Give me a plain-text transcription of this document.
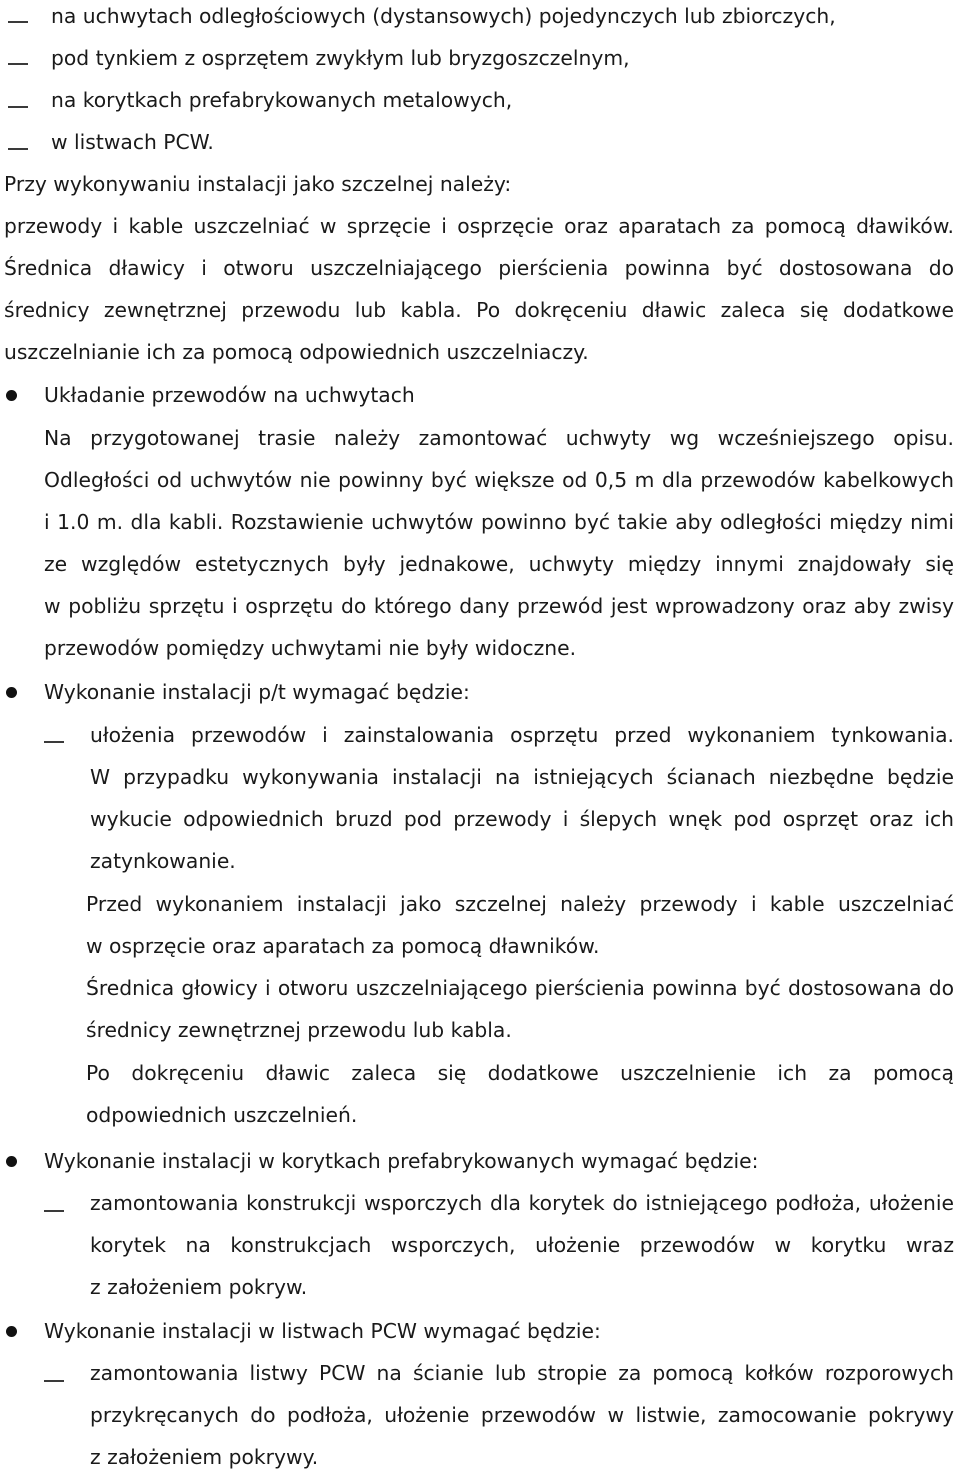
na uchwytach odległościowych (dystansowych) pojedynczych lub zbiorczych,
pod tynkiem z osprzętem zwykłym lub bryzgoszczelnym,
na korytkach prefabrykowanych metalowych,
w listwach PCW.
Przy wykonywaniu instalacji jako szczelnej należy:
przewody i kable uszczelniać w sprzęcie i osprzęcie oraz aparatach za pomocą dławików.
Średnica dławicy i otworu uszczelniającego pierścienia powinna być dostosowana do
średnicy zewnętrznej przewodu lub kabla. Po dokręceniu dławic zaleca się dodatkowe
uszczelnianie ich za pomocą odpowiednich uszczelniaczy.
Układanie przewodów na uchwytach
Na przygotowanej trasie należy zamontować uchwyty wg wcześniejszego opisu.
Odległości od uchwytów nie powinny być większe od 0,5 m dla przewodów kabelkowych
i 1.0 m. dla kabli. Rozstawienie uchwytów powinno być takie aby odległości między nimi
ze względów estetycznych były jednakowe, uchwyty między innymi znajdowały się
w pobliżu sprzętu i osprzętu do którego dany przewód jest wprowadzony oraz aby zwisy
przewodów pomiędzy uchwytami nie były widoczne.
Wykonanie instalacji p/t wymagać będzie:
ułożenia przewodów i zainstalowania osprzętu przed wykonaniem tynkowania.
W przypadku wykonywania instalacji na istniejących ścianach niezbędne będzie
wykucie odpowiednich bruzd pod przewody i ślepych wnęk pod osprzęt oraz ich
zatynkowanie.
Przed wykonaniem instalacji jako szczelnej należy przewody i kable uszczelniać
w osprzęcie oraz aparatach za pomocą dławników.
Średnica głowicy i otworu uszczelniającego pierścienia powinna być dostosowana do
średnicy zewnętrznej przewodu lub kabla.
Po dokręceniu dławic zaleca się dodatkowe uszczelnienie ich za pomocą
odpowiednich uszczelnień.
Wykonanie instalacji w korytkach prefabrykowanych wymagać będzie:
zamontowania konstrukcji wsporczych dla korytek do istniejącego podłoża, ułożenie
korytek na konstrukcjach wsporczych, ułożenie przewodów w korytku wraz
z założeniem pokryw.
Wykonanie instalacji w listwach PCW wymagać będzie:
zamontowania listwy PCW na ścianie lub stropie za pomocą kołków rozporowych
przykręcanych do podłoża, ułożenie przewodów w listwie, zamocowanie pokrywy
z założeniem pokrywy.
